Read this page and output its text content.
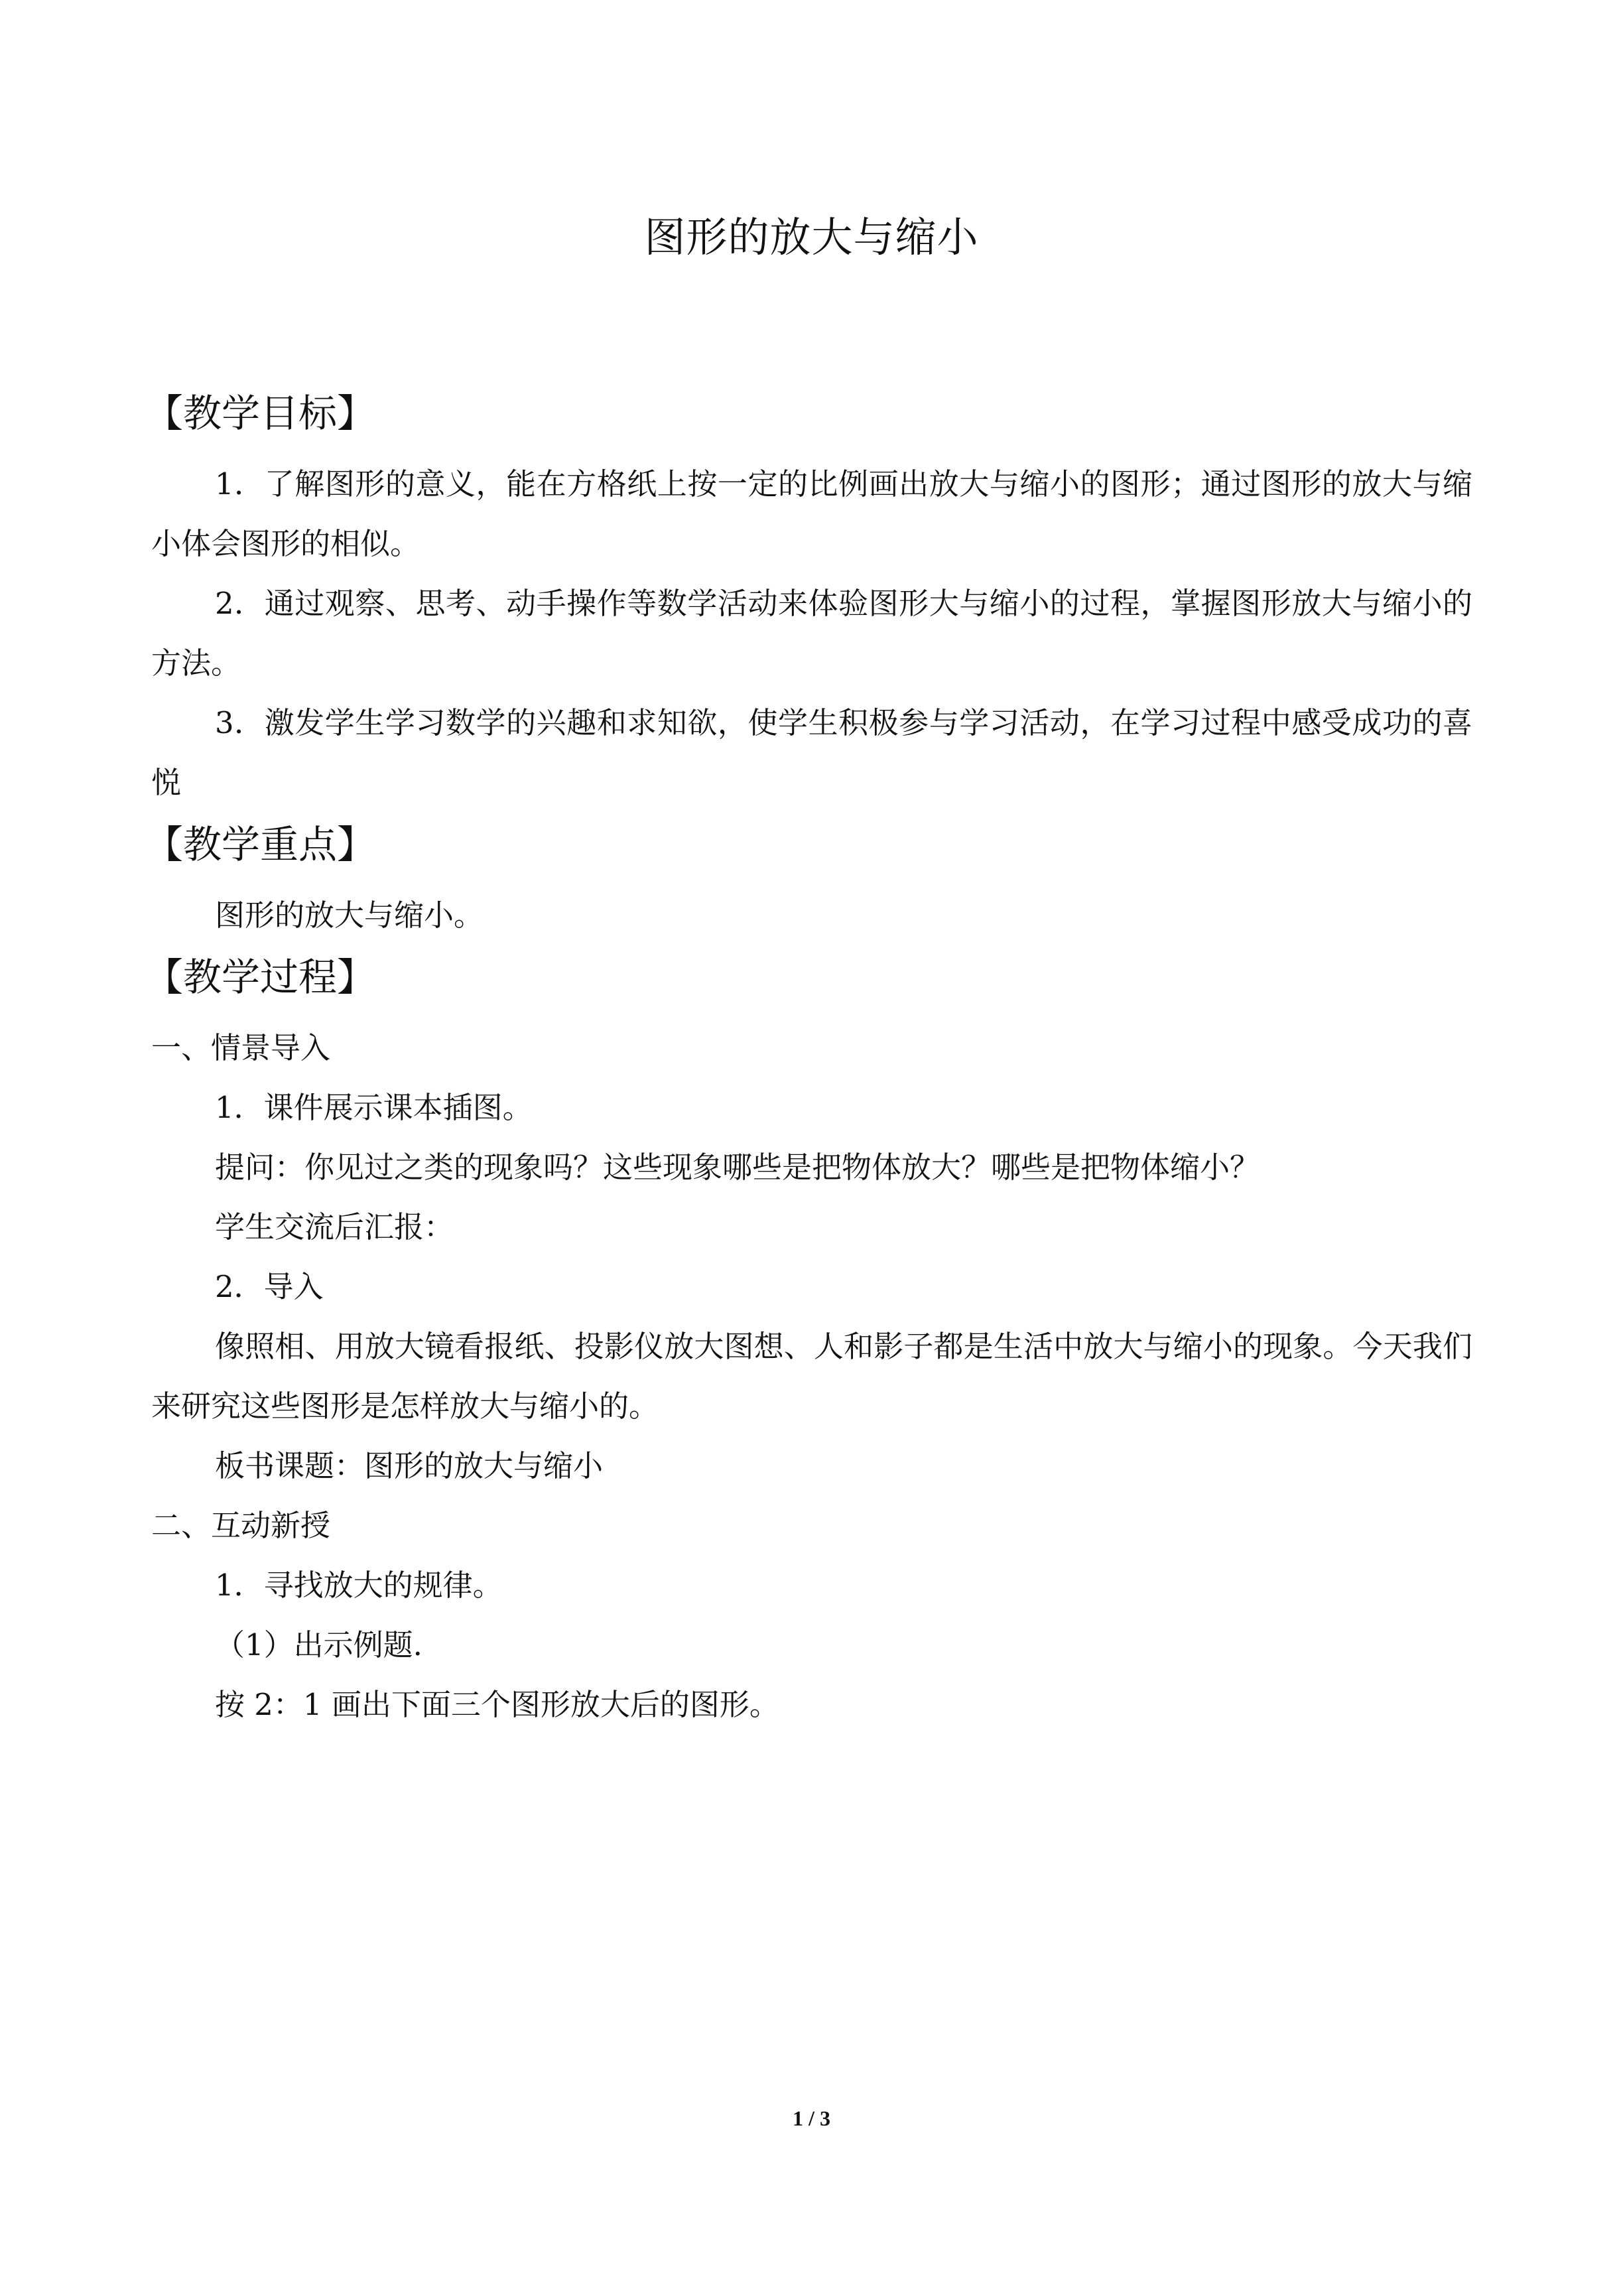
图形的放大与缩小
【教学目标】
1．了解图形的意义，能在方格纸上按一定的比例画出放大与缩小的图形；通过图形的放大与缩小体会图形的相似。
2．通过观察、思考、动手操作等数学活动来体验图形大与缩小的过程，掌握图形放大与缩小的方法。
3．激发学生学习数学的兴趣和求知欲，使学生积极参与学习活动，在学习过程中感受成功的喜悦
【教学重点】
图形的放大与缩小。
【教学过程】
一、情景导入
1．课件展示课本插图。
提问：你见过之类的现象吗？这些现象哪些是把物体放大？哪些是把物体缩小？
学生交流后汇报：
2．导入
像照相、用放大镜看报纸、投影仪放大图想、人和影子都是生活中放大与缩小的现象。今天我们来研究这些图形是怎样放大与缩小的。
板书课题：图形的放大与缩小
二、互动新授
1．寻找放大的规律。
（1）出示例题.
按 2：1 画出下面三个图形放大后的图形。
1 / 3
